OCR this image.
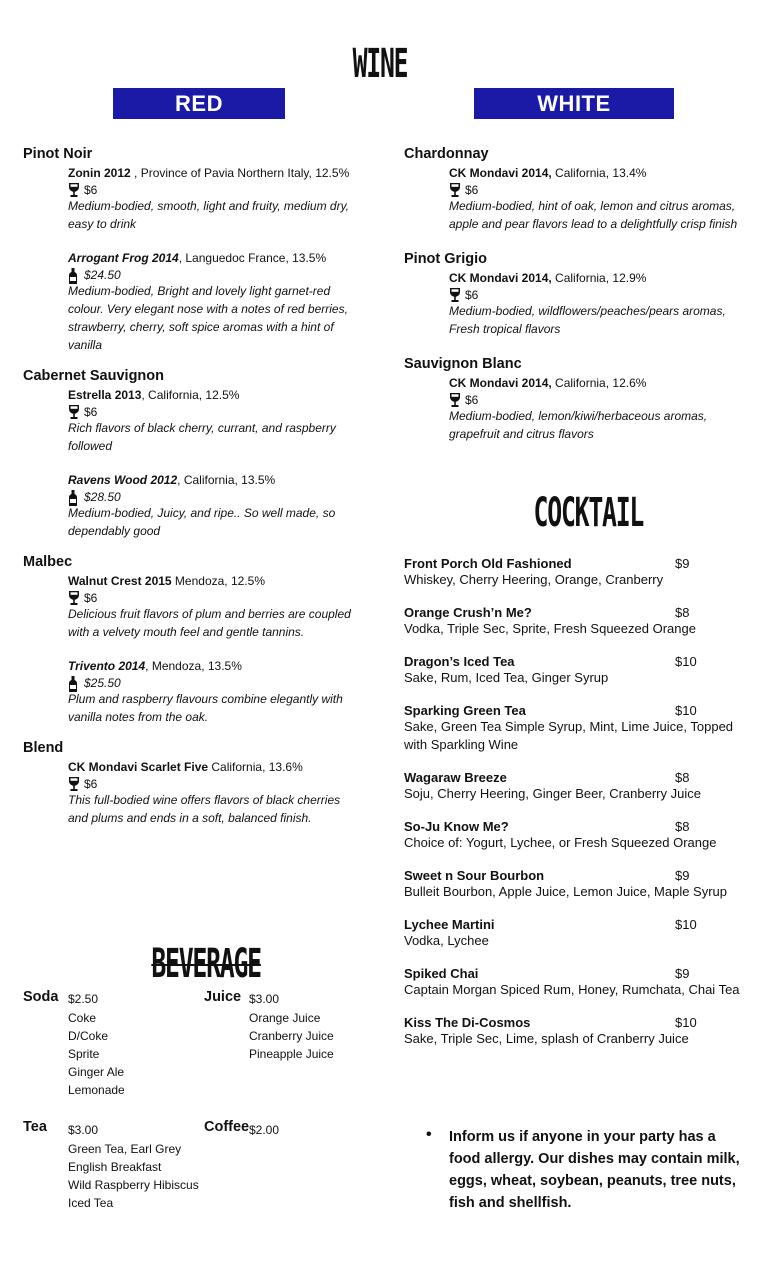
WINE
RED	WHITE
Pinot Noir
Zonin 2012 , Province of Pavia Northern Italy, 12.5%
$6
Medium-bodied, smooth, light and fruity, medium dry, easy to drink
Arrogant Frog 2014, Languedoc France, 13.5%
$24.50
Medium-bodied, Bright and lovely light garnet-red colour. Very elegant nose with a notes of red berries, strawberry, cherry, soft spice aromas with a hint of vanilla
Cabernet Sauvignon
Estrella 2013, California, 12.5%
$6
Rich flavors of black cherry, currant, and raspberry followed
Ravens Wood 2012, California, 13.5%
$28.50
Medium-bodied, Juicy, and ripe.. So well made, so dependably good
Malbec
Walnut Crest 2015 Mendoza, 12.5%
$6
Delicious fruit flavors of plum and berries are coupled with a velvety mouth feel and gentle tannins.
Trivento 2014, Mendoza, 13.5%
$25.50
Plum and raspberry flavours combine elegantly with vanilla notes from the oak.
Blend
CK Mondavi Scarlet Five California, 13.6%
$6
This full-bodied wine offers flavors of black cherries and plums and ends in a soft, balanced finish.
Chardonnay
CK Mondavi 2014, California, 13.4%
$6
Medium-bodied, hint of oak, lemon and citrus aromas, apple and pear flavors lead to a delightfully crisp finish
Pinot Grigio
CK Mondavi 2014, California, 12.9%
$6
Medium-bodied, wildflowers/peaches/pears aromas, Fresh tropical flavors
Sauvignon Blanc
CK Mondavi 2014, California, 12.6%
$6
Medium-bodied, lemon/kiwi/herbaceous aromas, grapefruit and citrus flavors
COCKTAIL
Front Porch Old Fashioned	$9
Whiskey, Cherry Heering, Orange, Cranberry
Orange Crush’n Me?	$8
Vodka, Triple Sec, Sprite, Fresh Squeezed Orange
Dragon’s Iced Tea	$10
Sake, Rum, Iced Tea, Ginger Syrup
Sparking Green Tea	$10
Sake, Green Tea Simple Syrup, Mint, Lime Juice, Topped with Sparkling Wine
Wagaraw Breeze	$8
Soju, Cherry Heering, Ginger Beer, Cranberry Juice
So-Ju Know Me?	$8
Choice of: Yogurt, Lychee, or Fresh Squeezed Orange
Sweet n Sour Bourbon	$9
Bulleit Bourbon, Apple Juice, Lemon Juice, Maple Syrup
Lychee Martini	$10
Vodka, Lychee
Spiked Chai	$9
Captain Morgan Spiced Rum, Honey, Rumchata, Chai Tea
Kiss The Di-Cosmos	$10
Sake, Triple Sec, Lime, splash of Cranberry Juice
BEVERAGE
Soda $2.50
Coke
D/Coke
Sprite
Ginger Ale
Lemonade
Juice $3.00
Orange Juice
Cranberry Juice
Pineapple Juice
Tea $3.00
Green Tea, Earl Grey
English Breakfast
Wild Raspberry Hibiscus
Iced Tea
Coffee $2.00	• Inform us if anyone in your party has a food allergy. Our dishes may contain milk, eggs, wheat, soybean, peanuts, tree nuts, fish and shellfish.
